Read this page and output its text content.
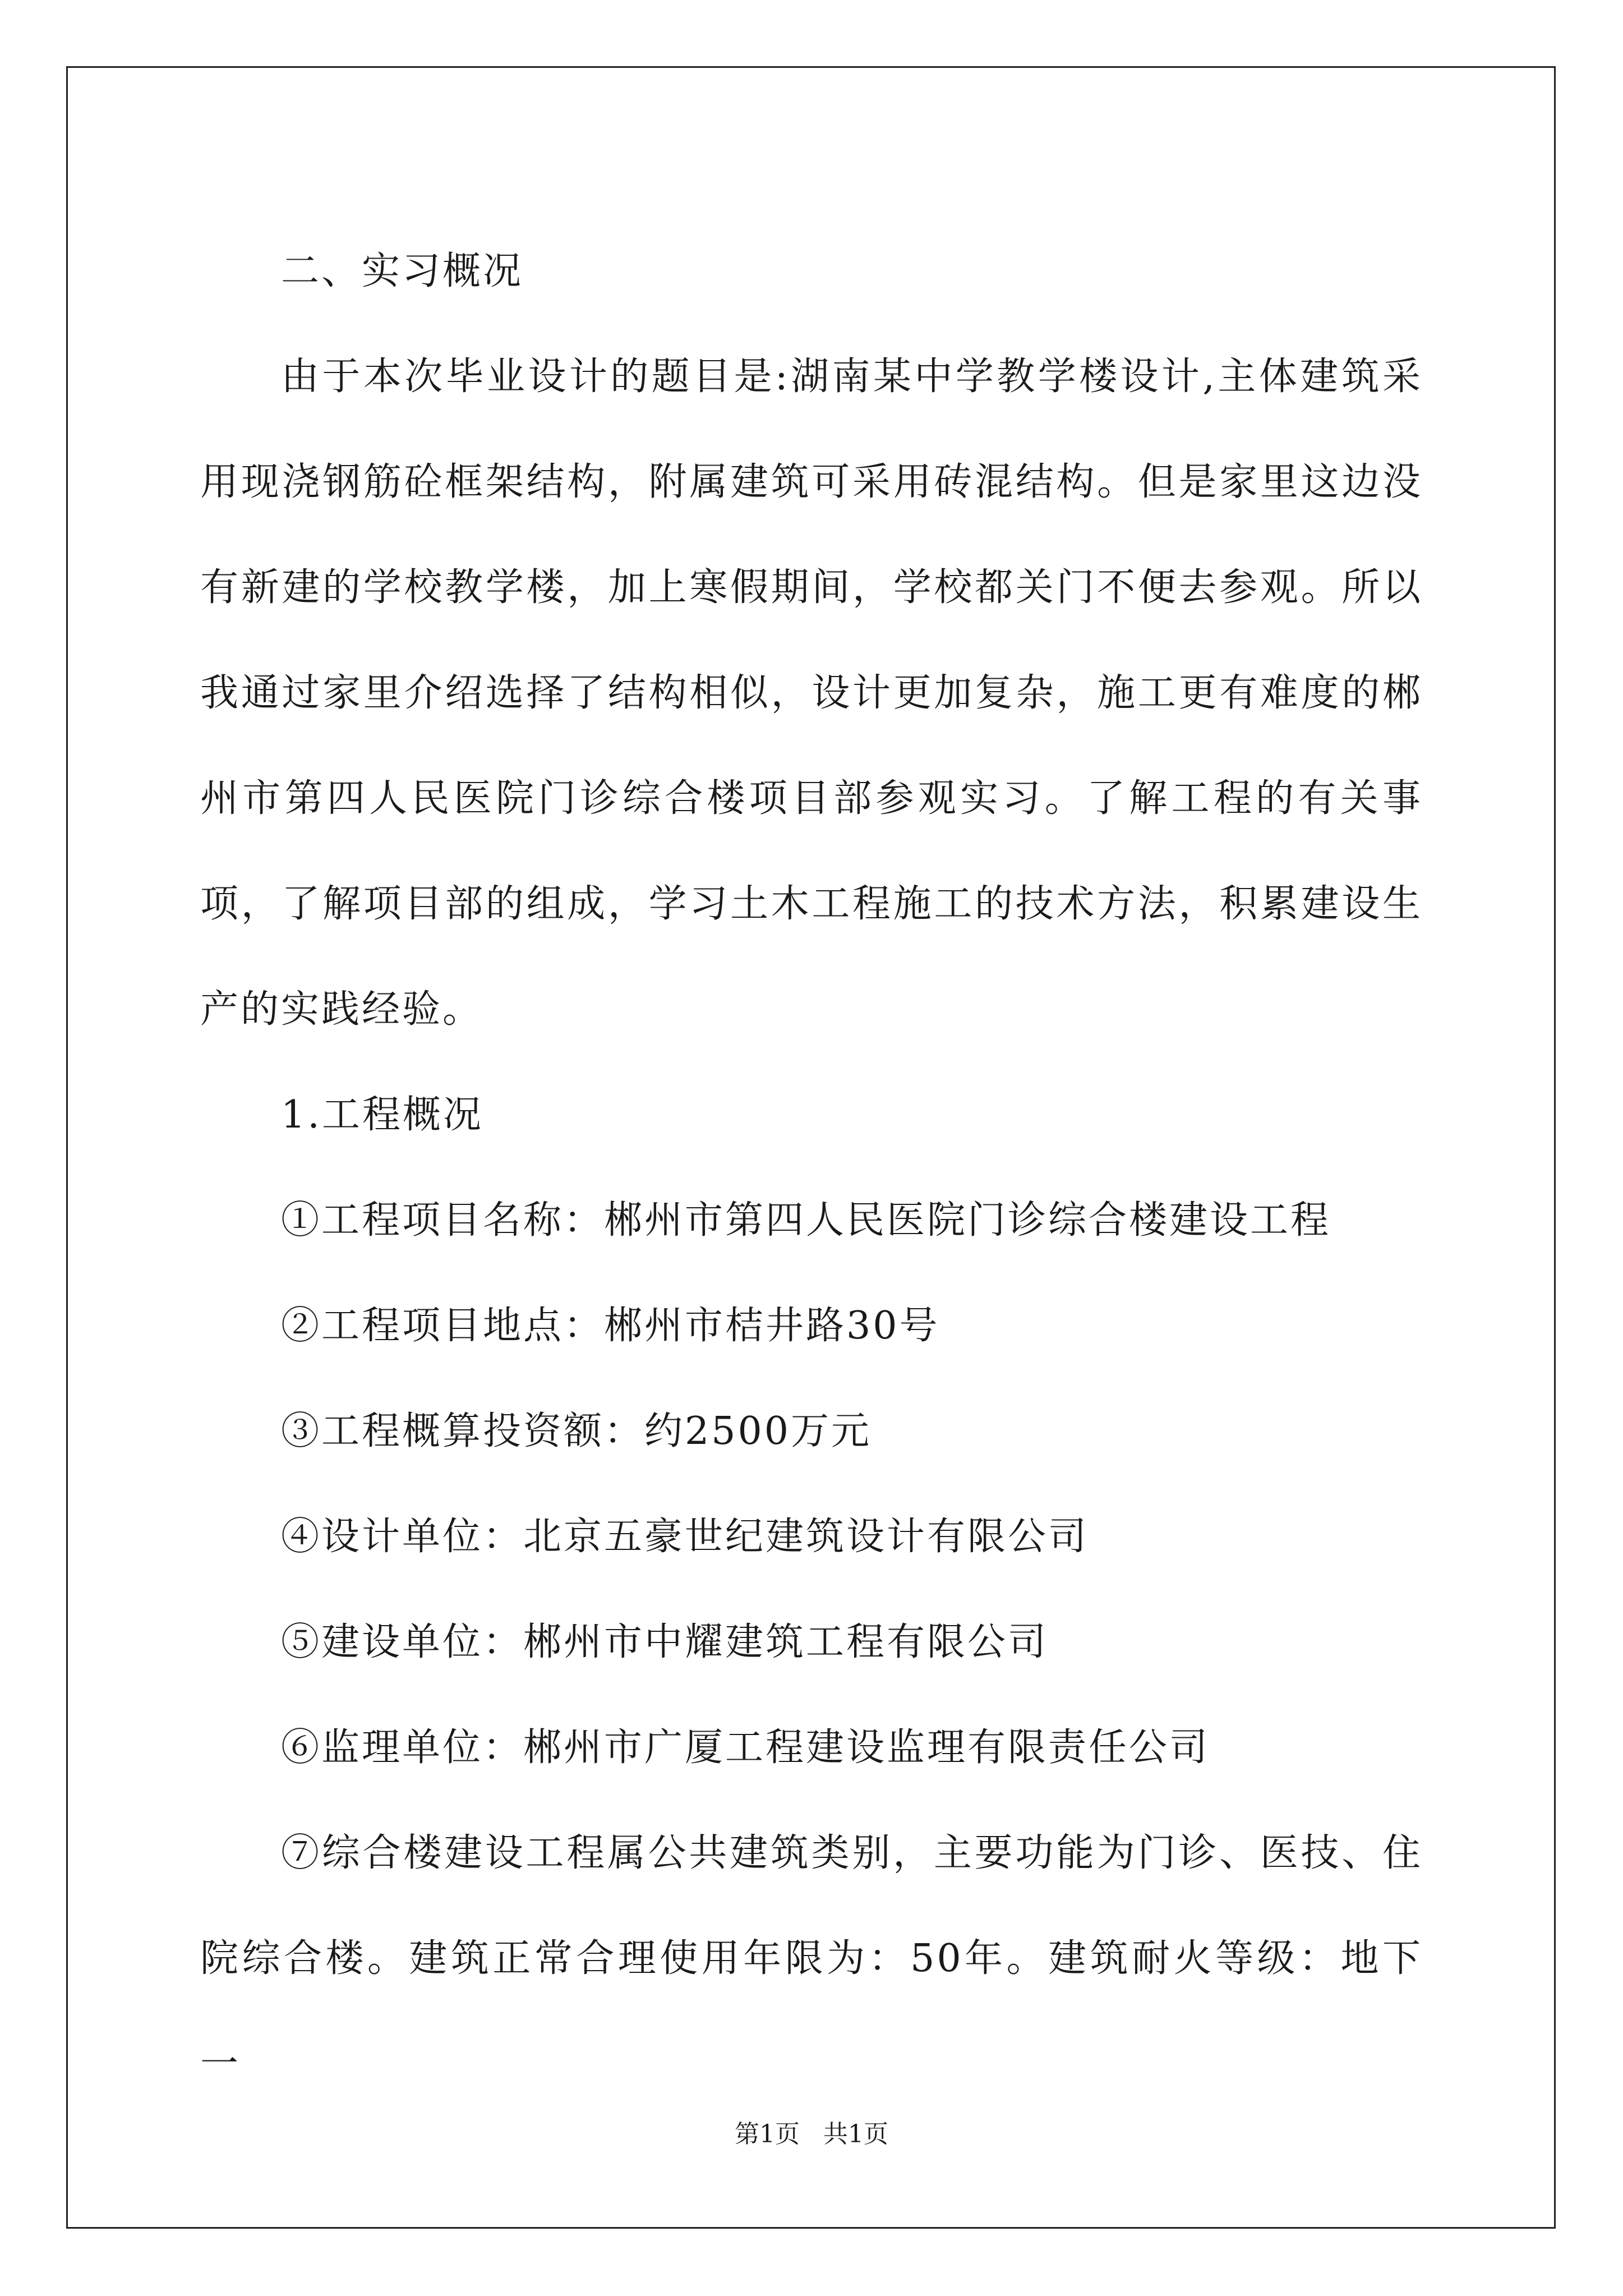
二、实习概况

由于本次毕业设计的题目是:湖南某中学教学楼设计,主体建筑采用现浇钢筋砼框架结构，附属建筑可采用砖混结构。但是家里这边没有新建的学校教学楼，加上寒假期间，学校都关门不便去参观。所以我通过家里介绍选择了结构相似，设计更加复杂，施工更有难度的郴州市第四人民医院门诊综合楼项目部参观实习。了解工程的有关事项，了解项目部的组成，学习土木工程施工的技术方法，积累建设生产的实践经验。

1.工程概况

①工程项目名称：郴州市第四人民医院门诊综合楼建设工程

②工程项目地点：郴州市桔井路30号

③工程概算投资额：约2500万元

④设计单位：北京五豪世纪建筑设计有限公司

⑤建设单位：郴州市中耀建筑工程有限公司

⑥监理单位：郴州市广厦工程建设监理有限责任公司

⑦综合楼建设工程属公共建筑类别，主要功能为门诊、医技、住院综合楼。建筑正常合理使用年限为：50年。建筑耐火等级：地下一

第1页   共1页
